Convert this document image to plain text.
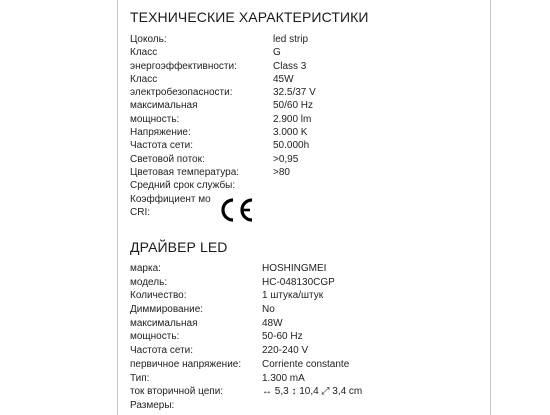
ТЕХНИЧЕСКИЕ ХАРАКТЕРИСТИКИ
Цоколь:	led strip
Класс	G
энергоэффективности:	Class 3
Класс	45W
электробезопасности:	32.5/37 V
максимальная	50/60 Hz
мощность:	2.900 lm
Напряжение:	3.000 K
Частота сети:	50.000h
Световой поток:	>0,95
Цветовая температура:	>80
Средний срок службы:
Коэффициент мо
CRI:
ДРАЙВЕР LED
марка:	HOSHINGMEI
модель:	HC-048130CGP
Количество:	1 штука/штук
Диммирование:	No
максимальная	48W
мощность:	50-60 Hz
Частота сети:	220-240 V
первичное напряжение: Corriente constante
Тип:	1.300 mA
ток вторичной цепи:	↔ 5,3 ↕ 10,4 ⤢ 3,4 cm
Размеры:
